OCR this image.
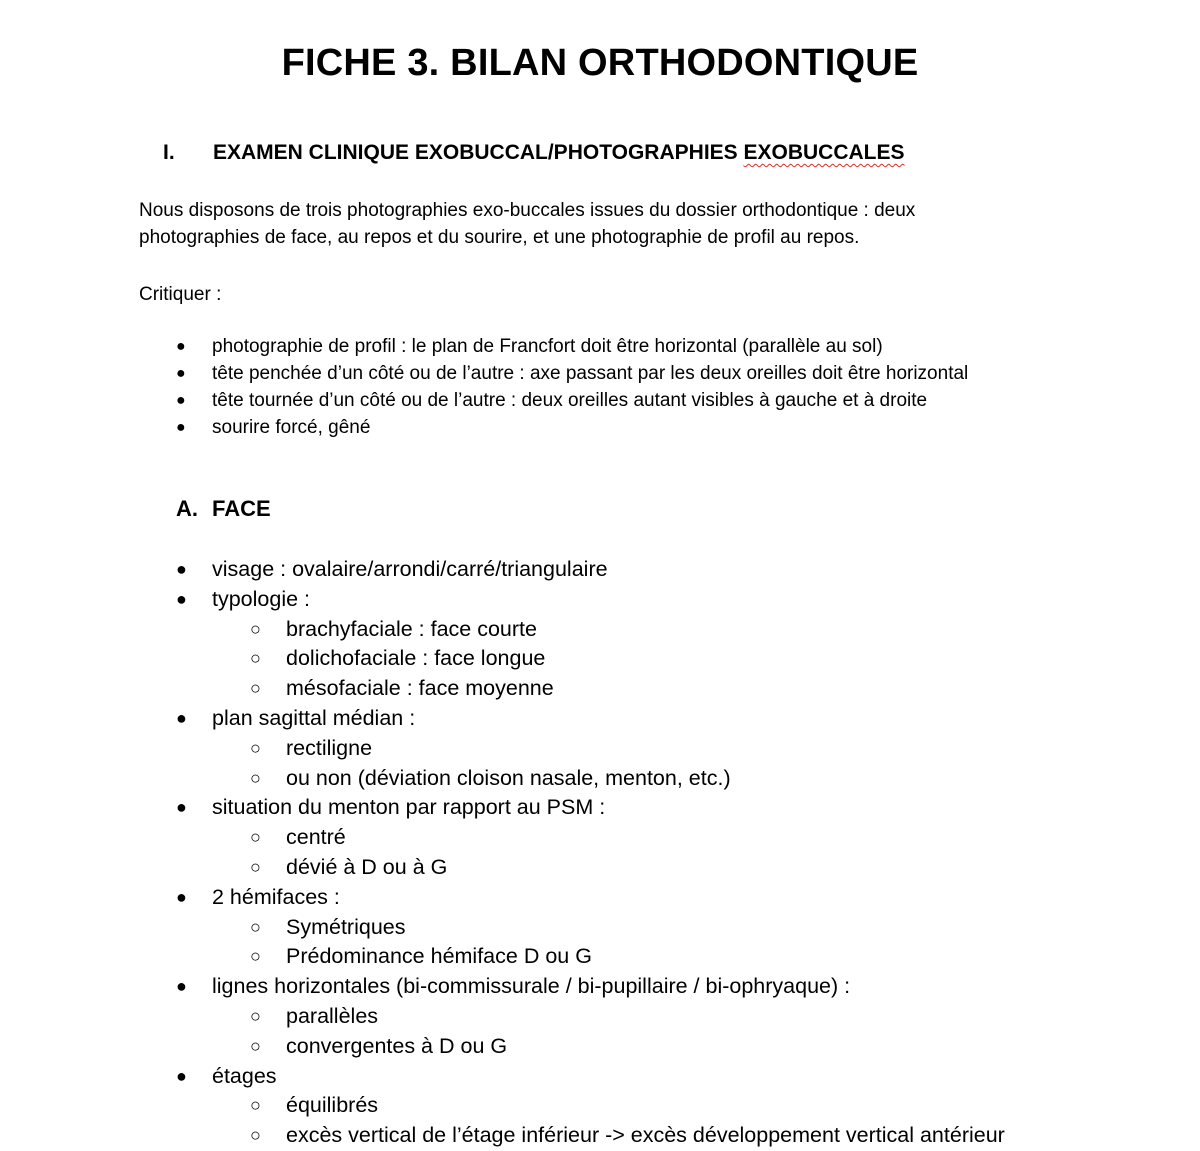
FICHE 3. BILAN ORTHODONTIQUE
I. EXAMEN CLINIQUE EXOBUCCAL/PHOTOGRAPHIES EXOBUCCALES
Nous disposons de trois photographies exo-buccales issues du dossier orthodontique : deux
photographies de face, au repos et du sourire, et une photographie de profil au repos.
Critiquer :
● photographie de profil : le plan de Francfort doit être horizontal (parallèle au sol)
● tête penchée d’un côté ou de l’autre : axe passant par les deux oreilles doit être horizontal
● tête tournée d’un côté ou de l’autre : deux oreilles autant visibles à gauche et à droite
● sourire forcé, gêné
A. FACE
● visage : ovalaire/arrondi/carré/triangulaire
● typologie :
○ brachyfaciale : face courte
○ dolichofaciale : face longue
○ mésofaciale : face moyenne
● plan sagittal médian :
○ rectiligne
○ ou non (déviation cloison nasale, menton, etc.)
● situation du menton par rapport au PSM :
○ centré
○ dévié à D ou à G
● 2 hémifaces :
○ Symétriques
○ Prédominance hémiface D ou G
● lignes horizontales (bi-commissurale / bi-pupillaire / bi-ophryaque) :
○ parallèles
○ convergentes à D ou G
● étages
○ équilibrés
○ excès vertical de l’étage inférieur -> excès développement vertical antérieur
